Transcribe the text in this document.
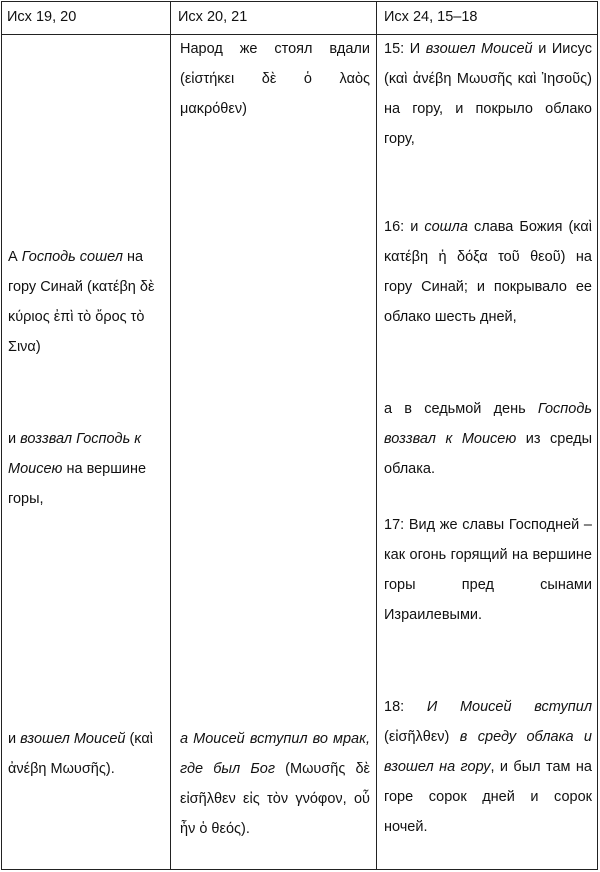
Исх 19, 20	Исх 20, 21	Исх 24, 15–18
А Господь сошел на гору Синай (κατέβη δὲ κύριος ἐπὶ τὸ ὄρος τὸ Σινα)
и воззвал Господь к Моисею на вершине горы,
и взошел Моисей (καὶ ἀνέβη Μωυσῆς).
Народ же стоял вдали (εἱστήκει δὲ ὁ λαὸς μακρόθεν)
а Моисей вступил во мрак, где был Бог (Μωυσῆς δὲ εἰσῆλθεν εἰς τὸν γνόφον, οὗ ἦν ὁ θεός).
15: И взошел Моисей и Иисус (καὶ ἀνέβη Μωυσῆς καὶ Ἰησοῦς) на гору, и покрыло облако гору,
16: и сошла слава Божия (καὶ κατέβη ἡ δόξα τοῦ θεοῦ) на гору Синай; и покрывало ее облако шесть дней,
а в седьмой день Господь воззвал к Моисею из среды облака.
17: Вид же славы Господней – как огонь горящий на вершине горы пред сынами Израилевыми.
18: И Моисей вступил (εἰσῆλθεν) в среду облака и взошел на гору, и был там на горе сорок дней и сорок ночей.
